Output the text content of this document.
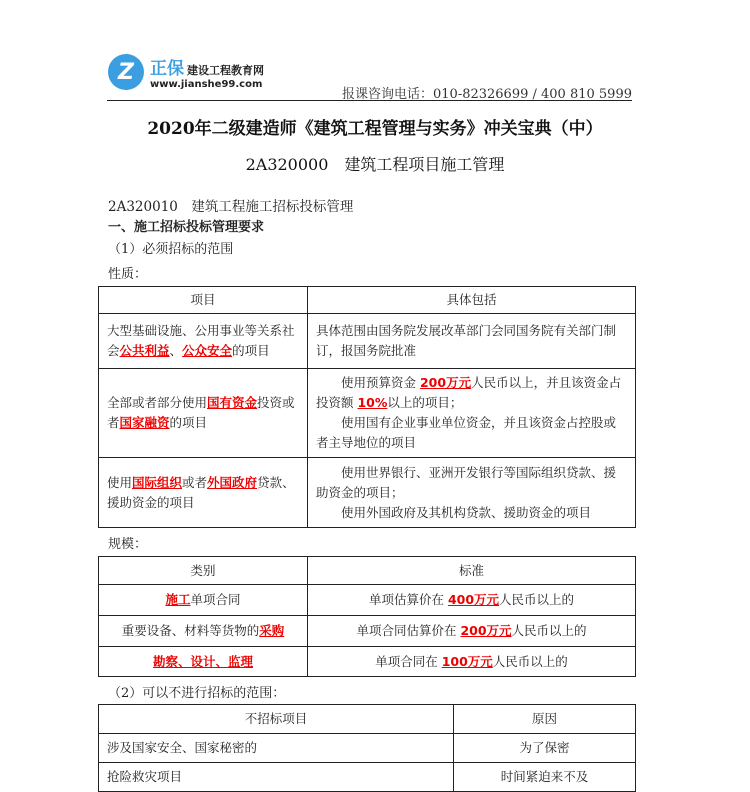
Z 正保 建设工程教育网
www.jianshe99.com
报课咨询电话：010-82326699 / 400 810 5999
2020年二级建造师《建筑工程管理与实务》冲关宝典（中）
2A320000　建筑工程项目施工管理
2A320010　建筑工程施工招标投标管理
一、施工招标投标管理要求
（1）必须招标的范围
性质：
项目	具体包括

大型基础设施、公用事业等关系社会公共利益、公众安全的项目	具体范围由国务院发展改革部门会同国务院有关部门制订，报国务院批准

全部或者部分使用国有资金投资或者国家融资的项目	使用预算资金 200万元人民币以上，并且该资金占投资额 10%以上的项目；
使用国有企业事业单位资金，并且该资金占控股或者主导地位的项目

使用国际组织或者外国政府贷款、援助资金的项目	使用世界银行、亚洲开发银行等国际组织贷款、援助资金的项目；
使用外国政府及其机构贷款、援助资金的项目
规模：
类别	标准

施工单项合同	单项估算价在 400万元人民币以上的

重要设备、材料等货物的采购	单项合同估算价在 200万元人民币以上的

勘察、设计、监理	单项合同在 100万元人民币以上的
（2）可以不进行招标的范围：
不招标项目	原因

涉及国家安全、国家秘密的	为了保密

抢险救灾项目	时间紧迫来不及
